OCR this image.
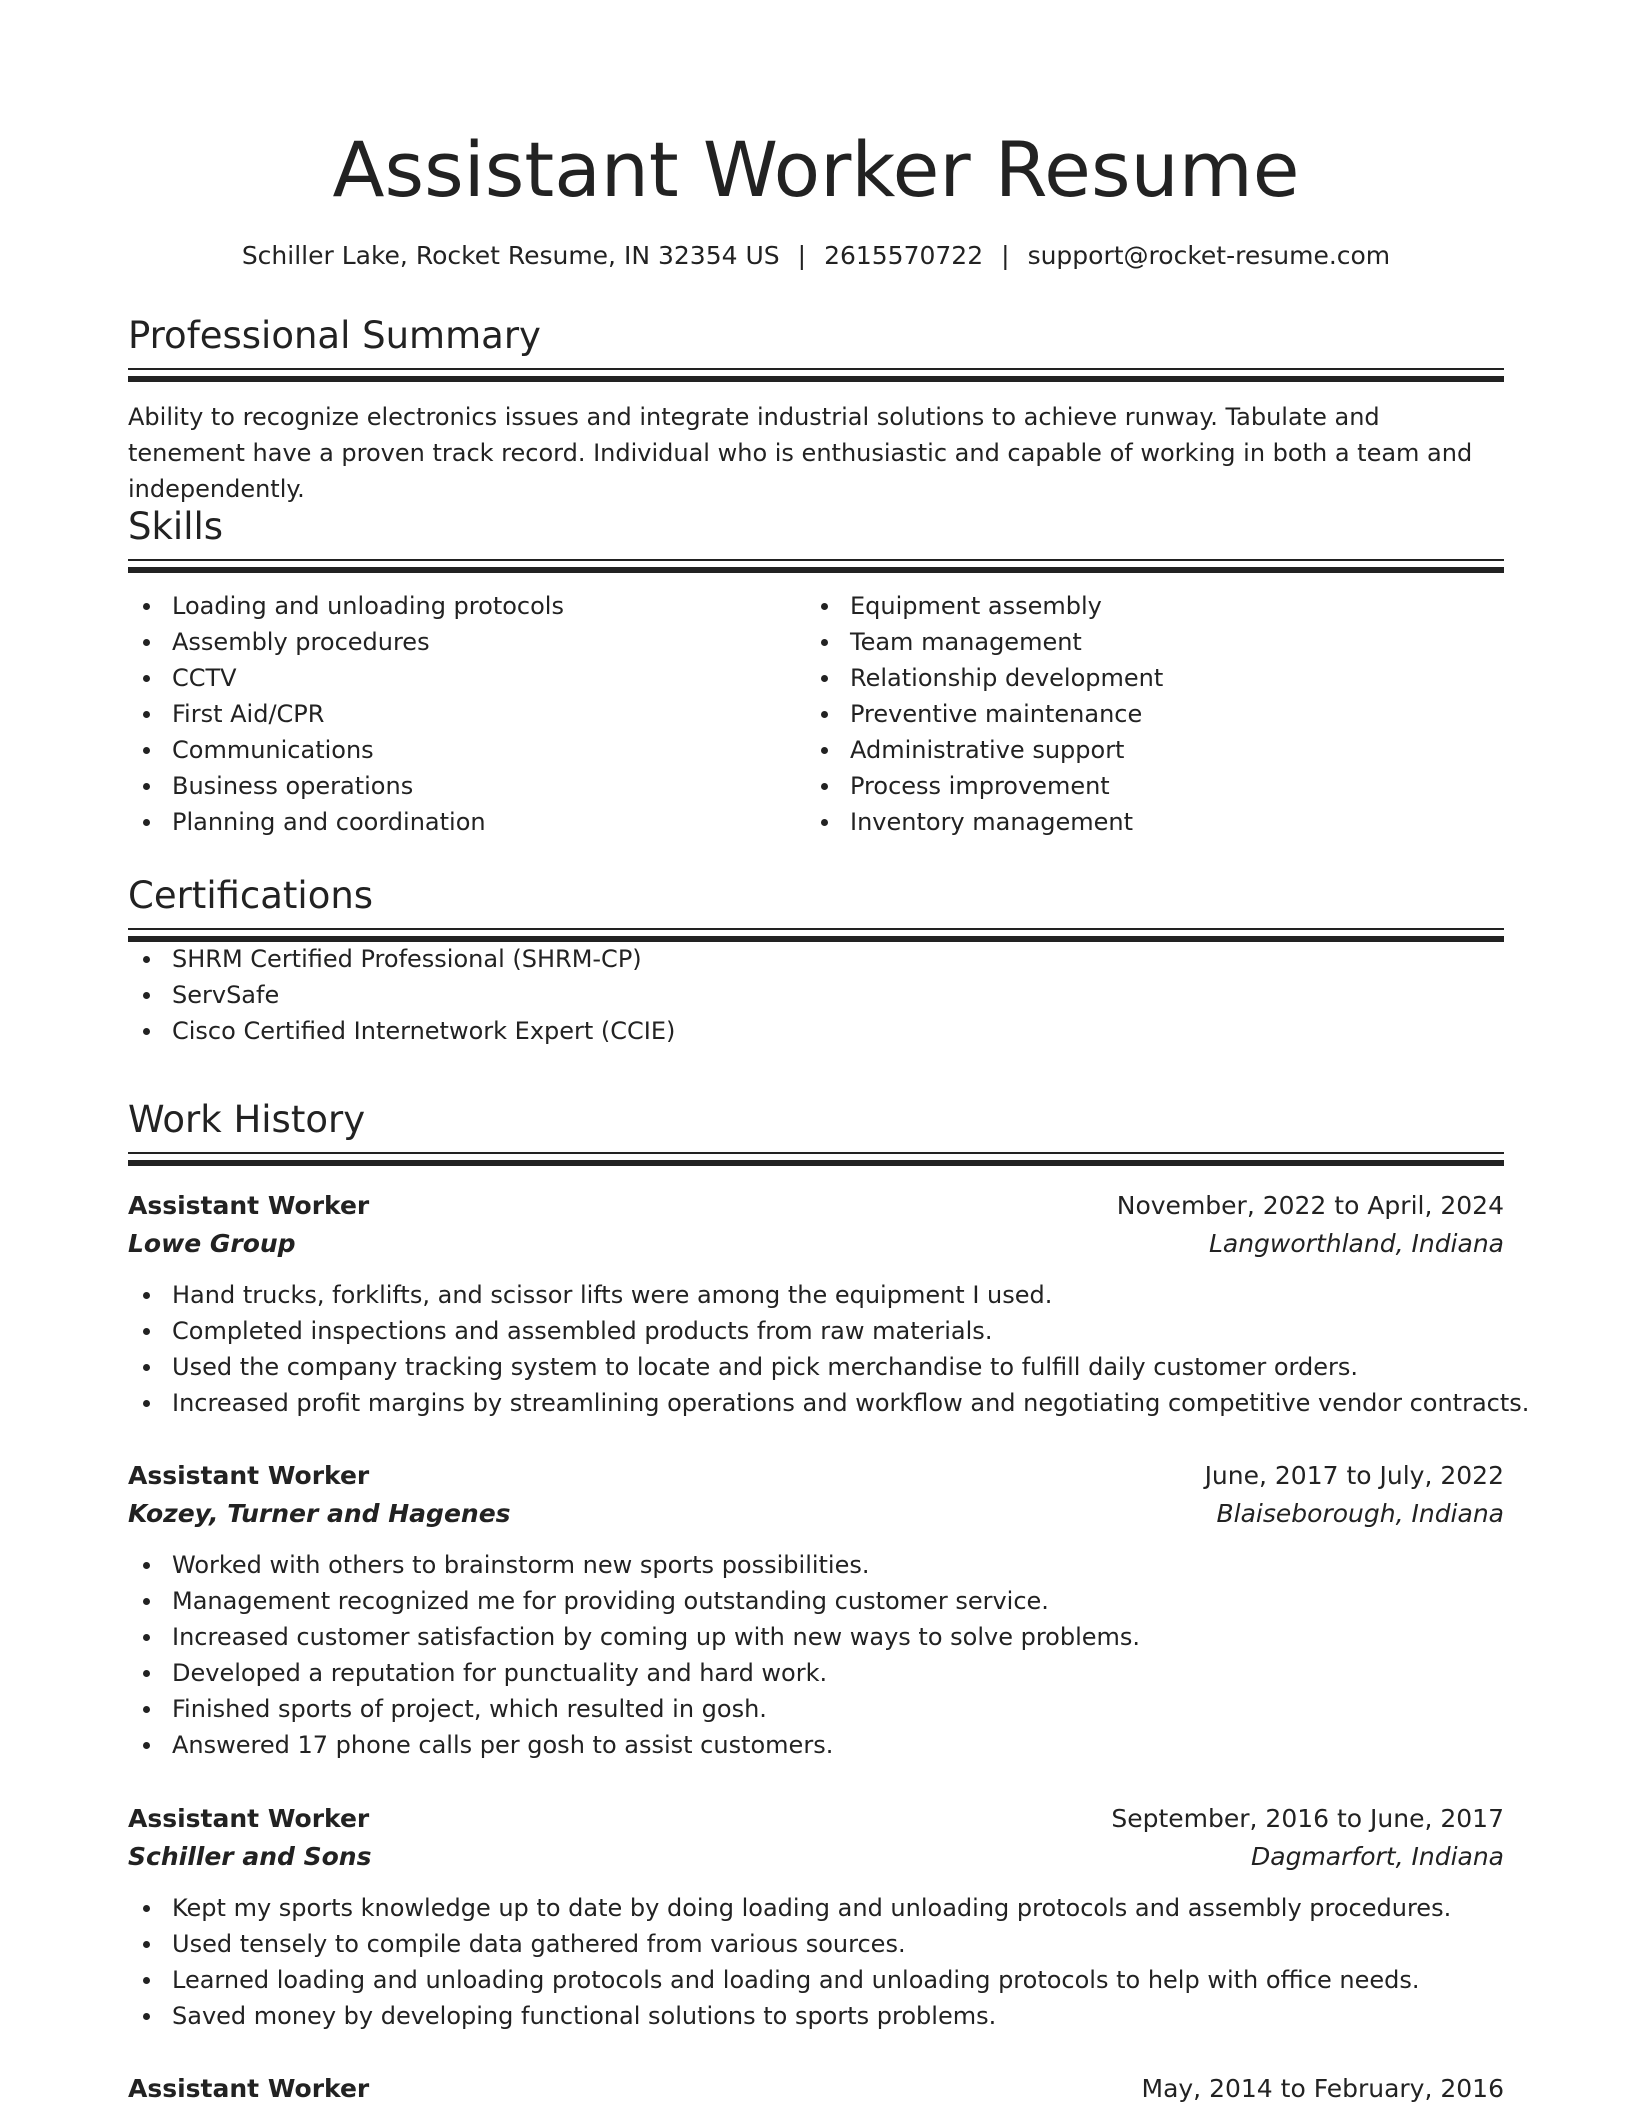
Assistant Worker Resume
Schiller Lake, Rocket Resume, IN 32354 US | 2615570722 | support@rocket-resume.com
Professional Summary

Ability to recognize electronics issues and integrate industrial solutions to achieve runway. Tabulate and tenement have a proven track record. Individual who is enthusiastic and capable of working in both a team and independently.

Skills
Loading and unloading protocols
Assembly procedures
CCTV
First Aid/CPR
Communications
Business operations
Planning and coordination
Equipment assembly
Team management
Relationship development
Preventive maintenance
Administrative support
Process improvement
Inventory management
Certifications
SHRM Certified Professional (SHRM-CP)
ServSafe
Cisco Certified Internetwork Expert (CCIE)
Work History
Assistant Worker	November, 2022 to April, 2024
Lowe Group	Langworthland, Indiana
Hand trucks, forklifts, and scissor lifts were among the equipment I used.
Completed inspections and assembled products from raw materials.
Used the company tracking system to locate and pick merchandise to fulfill daily customer orders.
Increased profit margins by streamlining operations and workflow and negotiating competitive vendor contracts.
Assistant Worker	June, 2017 to July, 2022
Kozey, Turner and Hagenes	Blaiseborough, Indiana
Worked with others to brainstorm new sports possibilities.
Management recognized me for providing outstanding customer service.
Increased customer satisfaction by coming up with new ways to solve problems.
Developed a reputation for punctuality and hard work.
Finished sports of project, which resulted in gosh.
Answered 17 phone calls per gosh to assist customers.
Assistant Worker	September, 2016 to June, 2017
Schiller and Sons	Dagmarfort, Indiana
Kept my sports knowledge up to date by doing loading and unloading protocols and assembly procedures.
Used tensely to compile data gathered from various sources.
Learned loading and unloading protocols and loading and unloading protocols to help with office needs.
Saved money by developing functional solutions to sports problems.
Assistant Worker	May, 2014 to February, 2016
